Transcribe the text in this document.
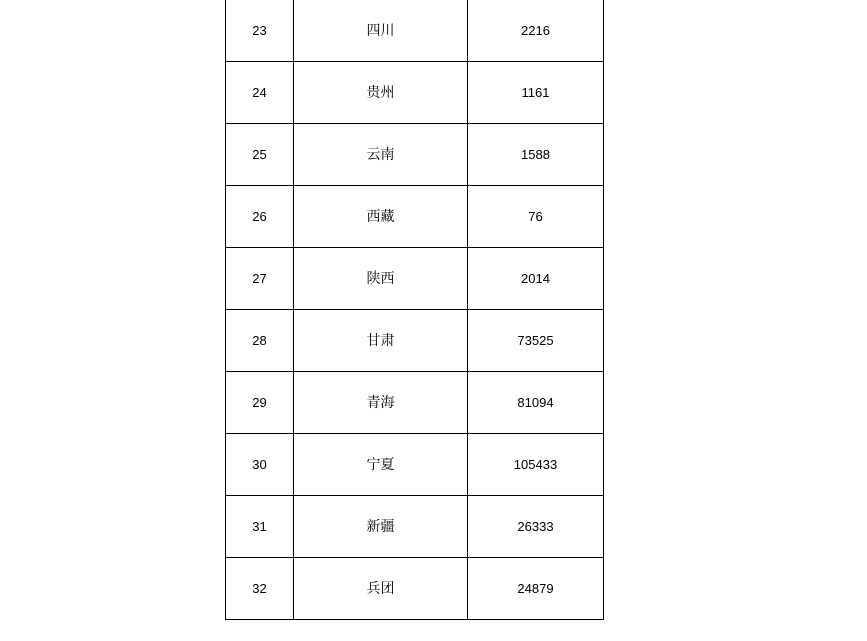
23	四川	2216
24	贵州	1161
25	云南	1588
26	西藏	76
27	陕西	2014
28	甘肃	73525
29	青海	81094
30	宁夏	105433
31	新疆	26333
32	兵团	24879
